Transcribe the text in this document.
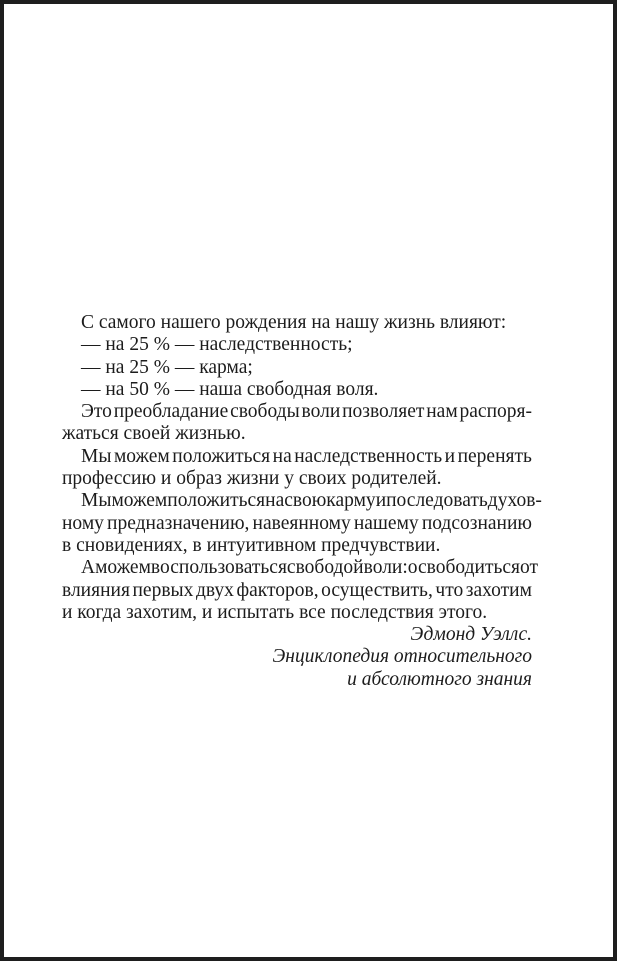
С самого нашего рождения на нашу жизнь влияют:
— на 25 % — наследственность;
— на 25 % — карма;
— на 50 % — наша свободная воля.
Это преобладание свободы воли позволяет нам распоря-
жаться своей жизнью.
Мы можем положиться на наследственность и перенять
профессию и образ жизни у своих родителей.
Мы можем положиться на свою карму и последовать духов-
ному предназначению, навеянному нашему подсознанию
в сновидениях, в интуитивном предчувствии.
А можем воспользоваться свободой воли: освободиться от
влияния первых двух факторов, осуществить, что захотим
и когда захотим, и испытать все последствия этого.
Эдмонд Уэллс.
Энциклопедия относительного
и абсолютного знания
